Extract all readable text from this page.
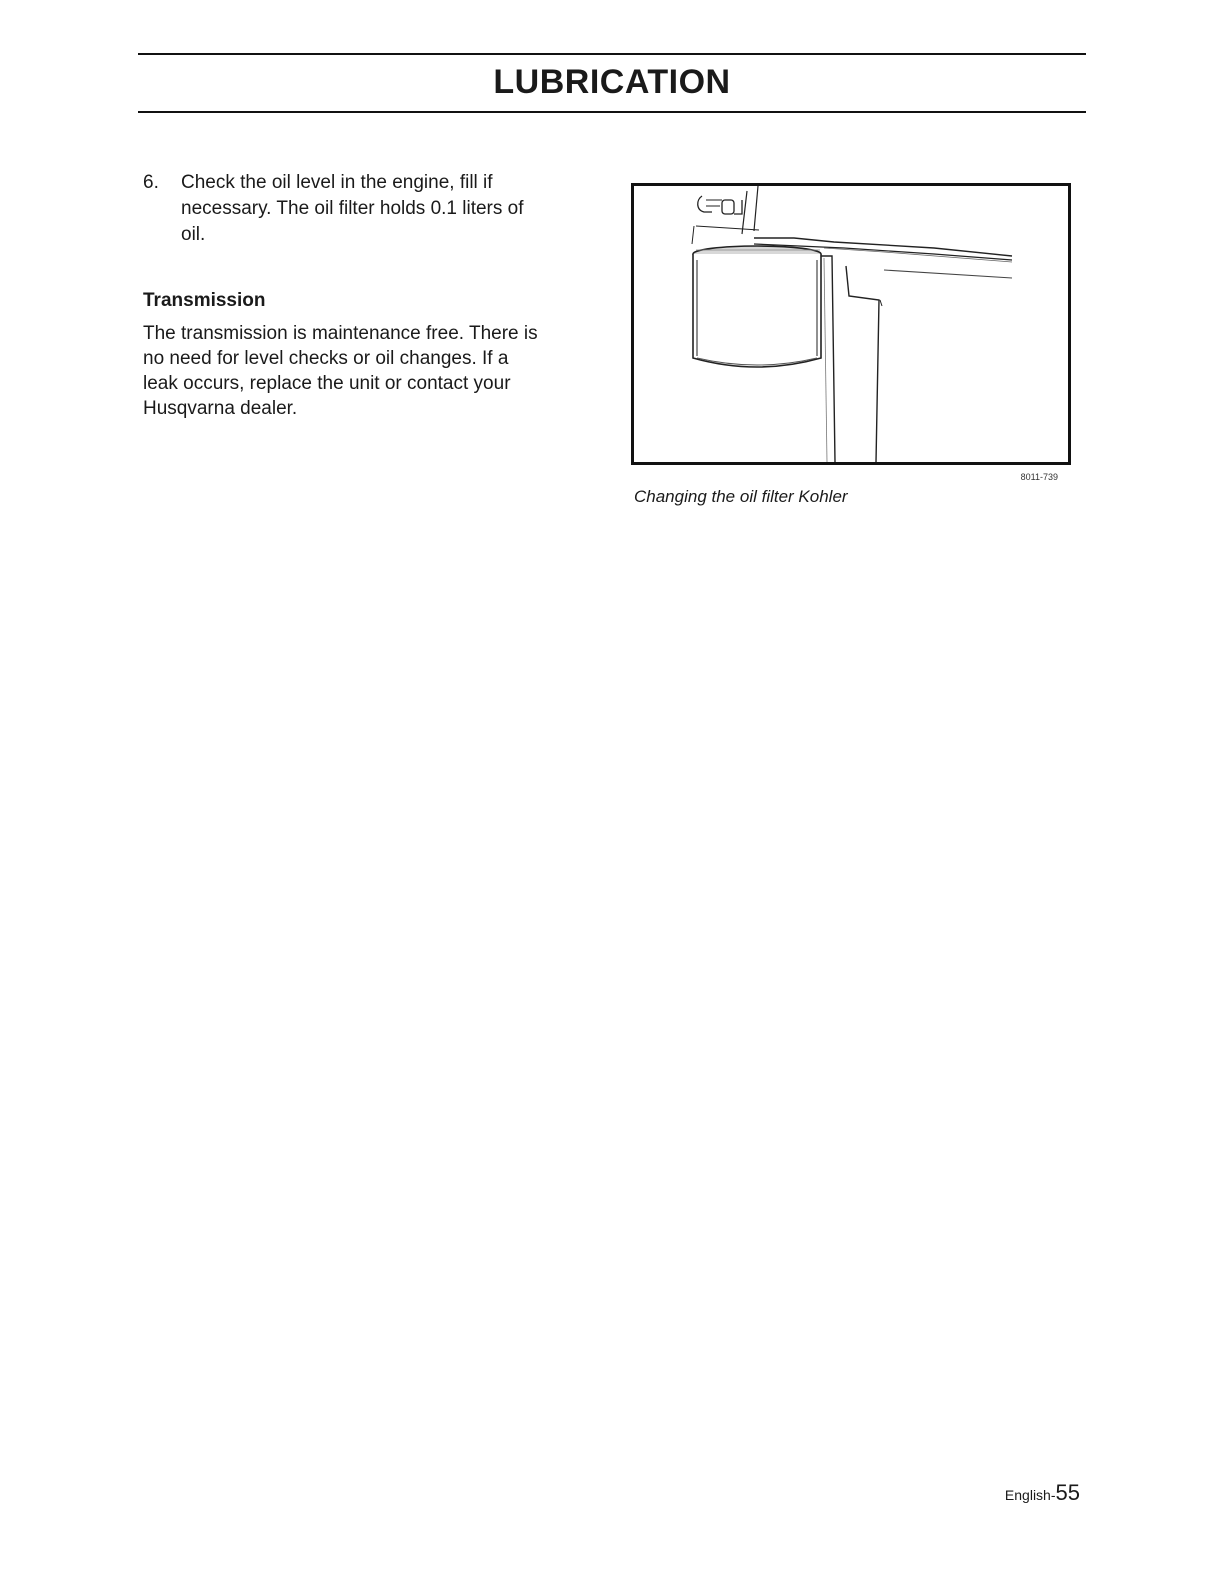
LUBRICATION
6. Check the oil level in the engine, fill if necessary. The oil filter holds 0.1 liters of oil.
Transmission

The transmission is maintenance free. There is no need for level checks or oil changes. If a leak occurs, replace the unit or contact your Husqvarna dealer.

8011-739

Changing the oil filter Kohler

English-55
